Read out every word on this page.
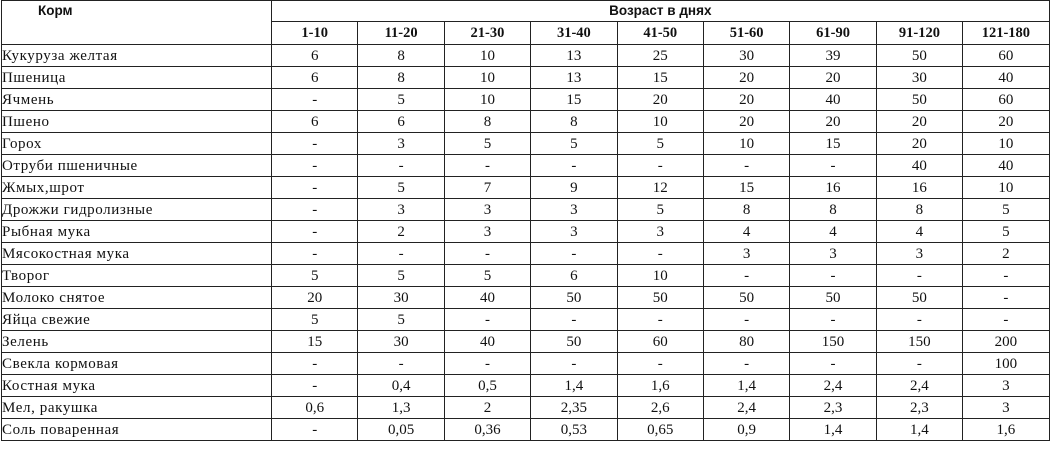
Корм	Возраст в днях								
	1-10	11-20	21-30	31-40	41-50	51-60	61-90	91-120	121-180
Кукуруза желтая	6	8	10	13	25	30	39	50	60
Пшеница	6	8	10	13	15	20	20	30	40
Ячмень	-	5	10	15	20	20	40	50	60
Пшено	6	6	8	8	10	20	20	20	20
Горох	-	3	5	5	5	10	15	20	10
Отруби пшеничные	-	-	-	-	-	-	-	40	40
Жмых,шрот	-	5	7	9	12	15	16	16	10
Дрожжи гидролизные	-	3	3	3	5	8	8	8	5
Рыбная мука	-	2	3	3	3	4	4	4	5
Мясокостная мука	-	-	-	-	-	3	3	3	2
Творог	5	5	5	6	10	-	-	-	-
Молоко снятое	20	30	40	50	50	50	50	50	-
Яйца свежие	5	5	-	-	-	-	-	-	-
Зелень	15	30	40	50	60	80	150	150	200
Свекла кормовая	-	-	-	-	-	-	-	-	100
Костная мука	-	0,4	0,5	1,4	1,6	1,4	2,4	2,4	3
Мел, ракушка	0,6	1,3	2	2,35	2,6	2,4	2,3	2,3	3
Соль поваренная	-	0,05	0,36	0,53	0,65	0,9	1,4	1,4	1,6
